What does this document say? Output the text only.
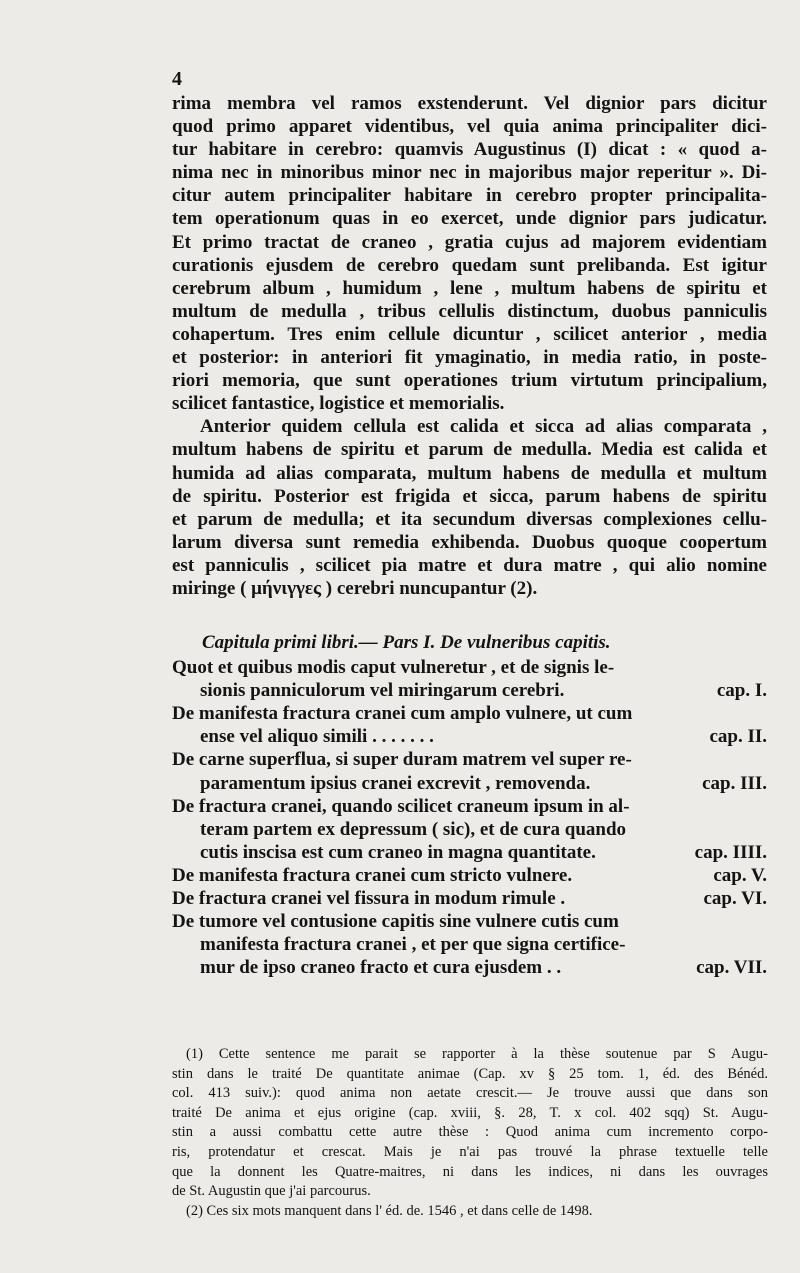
4
rima membra vel ramos exstenderunt. Vel dignior pars dicitur
quod primo apparet videntibus, vel quia anima principaliter dici-
tur habitare in cerebro: quamvis Augustinus (I) dicat : « quod a-
nima nec in minoribus minor nec in majoribus major reperitur ». Di-
citur autem principaliter habitare in cerebro propter principalita-
tem operationum quas in eo exercet, unde dignior pars judicatur.
Et primo tractat de craneo , gratia cujus ad majorem evidentiam
curationis ejusdem de cerebro quedam sunt prelibanda. Est igitur
cerebrum album , humidum , lene , multum habens de spiritu et
multum de medulla , tribus cellulis distinctum, duobus panniculis
cohapertum. Tres enim cellule dicuntur , scilicet anterior , media
et posterior: in anteriori fit ymaginatio, in media ratio, in poste-
riori memoria, que sunt operationes trium virtutum principalium,
scilicet fantastice, logistice et memorialis.
Anterior quidem cellula est calida et sicca ad alias comparata ,
multum habens de spiritu et parum de medulla. Media est calida et
humida ad alias comparata, multum habens de medulla et multum
de spiritu. Posterior est frigida et sicca, parum habens de spiritu
et parum de medulla; et ita secundum diversas complexiones cellu-
larum diversa sunt remedia exhibenda. Duobus quoque coopertum
est panniculis , scilicet pia matre et dura matre , qui alio nomine
miringe ( μήνιγγες ) cerebri nuncupantur (2).
Capitula primi libri.— Pars I. De vulneribus capitis.
Quot et quibus modis caput vulneretur , et de signis le-
sionis panniculorum vel miringarum cerebri.	cap. I.
De manifesta fractura cranei cum amplo vulnere, ut cum
ense vel aliquo simili . . . . . . .	cap. II.
De carne superflua, si super duram matrem vel super re-
paramentum ipsius cranei excrevit , removenda.	cap. III.
De fractura cranei, quando scilicet craneum ipsum in al-
teram partem ex depressum ( sic), et de cura quando
cutis inscisa est cum craneo in magna quantitate.	cap. IIII.
De manifesta fractura cranei cum stricto vulnere.	cap. V.
De fractura cranei vel fissura in modum rimule .	cap. VI.
De tumore vel contusione capitis sine vulnere cutis cum
manifesta fractura cranei , et per que signa certifice-
mur de ipso craneo fracto et cura ejusdem . .	cap. VII.
(1) Cette sentence me parait se rapporter à la thèse soutenue par S Augu-
stin dans le traité De quantitate animae (Cap. xv § 25 tom. 1, éd. des Bénéd.
col. 413 suiv.): quod anima non aetate crescit.— Je trouve aussi que dans son
traité De anima et ejus origine (cap. xviii, §. 28, T. x col. 402 sqq) St. Augu-
stin a aussi combattu cette autre thèse : Quod anima cum incremento corpo-
ris, protendatur et crescat. Mais je n'ai pas trouvé la phrase textuelle telle
que la donnent les Quatre-maitres, ni dans les indices, ni dans les ouvrages
de St. Augustin que j'ai parcourus.
(2) Ces six mots manquent dans l' éd. de. 1546 , et dans celle de 1498.
